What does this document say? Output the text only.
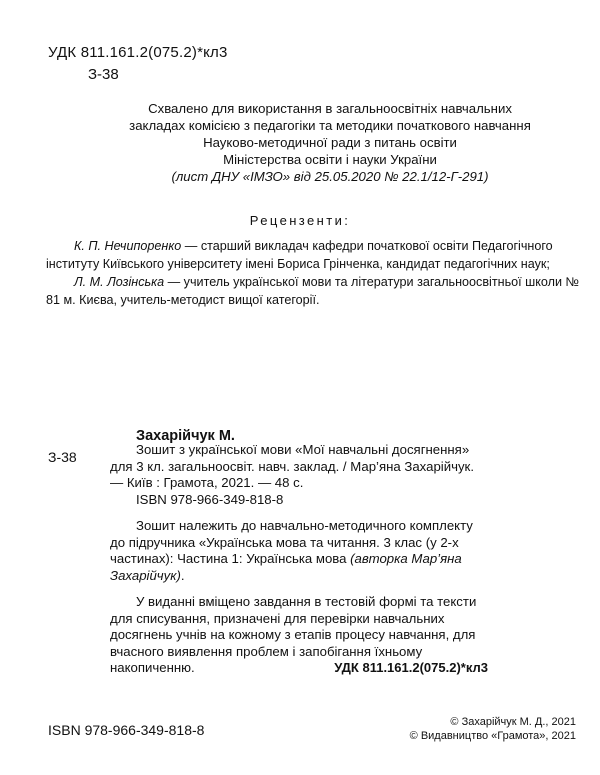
УДК 811.161.2(075.2)*кл3
З-38
Схвалено для використання в загальноосвітніх навчальних
закладах комісією з педагогіки та методики початкового навчання
Науково-методичної ради з питань освіти
Міністерства освіти і науки України
(лист ДНУ «ІМЗО» від 25.05.2020 № 22.1/12-Г-291)
Рецензенти:

К. П. Нечипоренко — старший викладач кафедри початкової освіти Педагогічного інституту Київського університету імені Бориса Грінченка, кандидат педагогічних наук;

Л. М. Лозінська — учитель української мови та літератури загальноосвітньої школи № 81 м. Києва, учитель-методист вищої категорії.

Захарійчук М.
З-38	Зошит з української мови «Мої навчальні досягнення» для 3 кл. загальноосвіт. навч. заклад. / Мар’яна Захарійчук. — Київ : Грамота, 2021. — 48 с.

ISBN 978-966-349-818-8

Зошит належить до навчально-методичного комплекту до підручника «Українська мова та читання. 3 клас (у 2-х частинах): Частина 1: Українська мова (авторка Мар’яна Захарійчук).

У виданні вміщено завдання в тестовій формі та тексти для списування, призначені для перевірки навчальних досягнень учнів на кожному з етапів процесу навчання, для вчасного виявлення проблем і запобігання їхньому накопиченню.	УДК 811.161.2(075.2)*кл3
ISBN 978-966-349-818-8	© Захарійчук М. Д., 2021

© Видавництво «Грамота», 2021
